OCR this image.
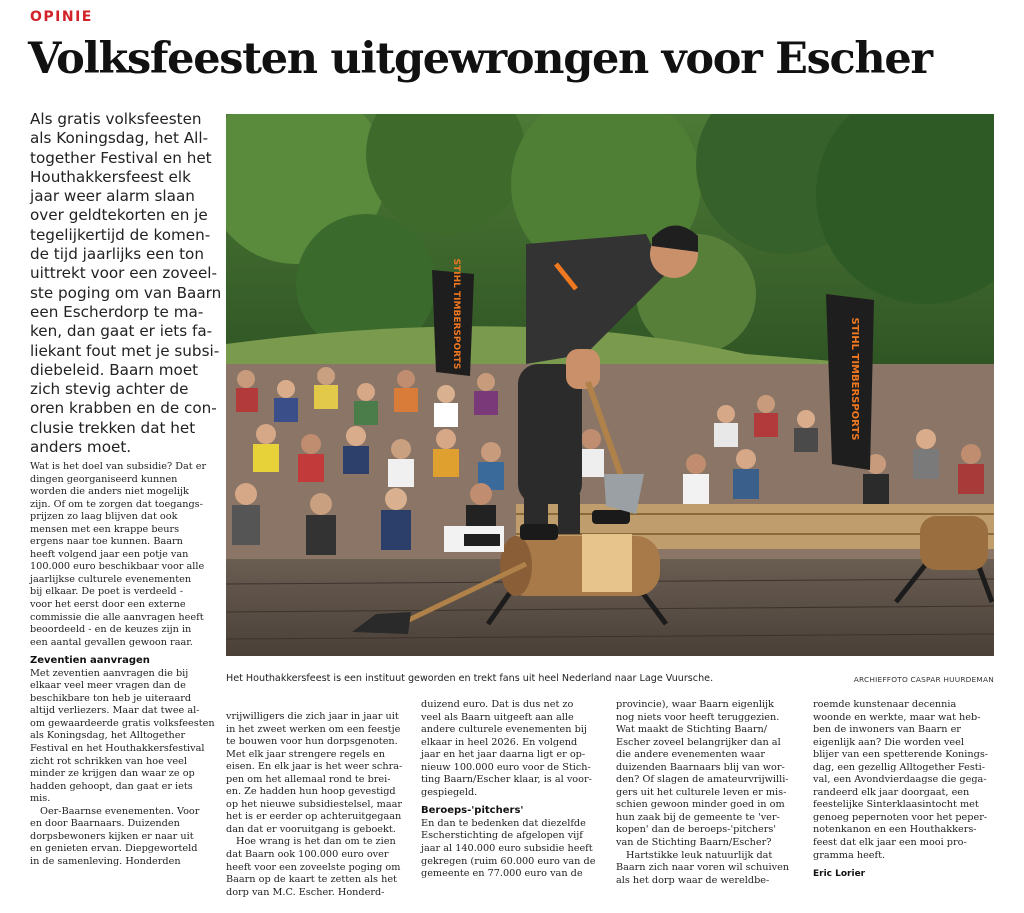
OPINIE
Volksfeesten uitgewrongen voor Escher

Als gratis volksfeesten
als Koningsdag, het All-
together Festival en het
Houthakkersfeest elk
jaar weer alarm slaan
over geldtekorten en je
tegelijkertijd de komen-
de tijd jaarlijks een ton
uittrekt voor een zoveel-
ste poging om van Baarn
een Escherdorp te ma-
ken, dan gaat er iets fa-
liekant fout met je subsi-
diebeleid. Baarn moet
zich stevig achter de
oren krabben en de con-
clusie trekken dat het
anders moet.

STIHL TIMBERSPORTS
STIHL TIMBERSPORTS

Het Houthakkersfeest is een instituut geworden en trekt fans uit heel Nederland naar Lage Vuursche.	ARCHIEFFOTO CASPAR HUURDEMAN
Wat is het doel van subsidie? Dat er
dingen georganiseerd kunnen
worden die anders niet mogelijk
zijn. Of om te zorgen dat toegangs-
prijzen zo laag blijven dat ook
mensen met een krappe beurs
ergens naar toe kunnen. Baarn
heeft volgend jaar een potje van
100.000 euro beschikbaar voor alle
jaarlijkse culturele evenementen
bij elkaar. De poet is verdeeld -
voor het eerst door een externe
commissie die alle aanvragen heeft
beoordeeld - en de keuzes zijn in
een aantal gevallen gewoon raar.
Zeventien aanvragen
Met zeventien aanvragen die bij
elkaar veel meer vragen dan de
beschikbare ton heb je uiteraard
altijd verliezers. Maar dat twee al-
om gewaardeerde gratis volksfeesten
als Koningsdag, het Alltogether
Festival en het Houthakkersfestival
zicht rot schrikken van hoe veel
minder ze krijgen dan waar ze op
hadden gehoopt, dan gaat er iets
mis.
Oer-Baarnse evenementen. Voor
en door Baarnaars. Duizenden
dorpsbewoners kijken er naar uit
en genieten ervan. Diepgeworteld
in de samenleving. Honderden
vrijwilligers die zich jaar in jaar uit
in het zweet werken om een feestje
te bouwen voor hun dorpsgenoten.
Met elk jaar strengere regels en
eisen. En elk jaar is het weer schra-
pen om het allemaal rond te brei-
en. Ze hadden hun hoop gevestigd
op het nieuwe subsidiestelsel, maar
het is er eerder op achteruitgegaan
dan dat er vooruitgang is geboekt.
Hoe wrang is het dan om te zien
dat Baarn ook 100.000 euro over
heeft voor een zoveelste poging om
Baarn op de kaart te zetten als het
dorp van M.C. Escher. Honderd-
duizend euro. Dat is dus net zo
veel als Baarn uitgeeft aan alle
andere culturele evenementen bij
elkaar in heel 2026. En volgend
jaar en het jaar daarna ligt er op-
nieuw 100.000 euro voor de Stich-
ting Baarn/Escher klaar, is al voor-
gespiegeld.
Beroeps-'pitchers'
En dan te bedenken dat diezelfde
Escherstichting de afgelopen vijf
jaar al 140.000 euro subsidie heeft
gekregen (ruim 60.000 euro van de
gemeente en 77.000 euro van de
provincie), waar Baarn eigenlijk
nog niets voor heeft teruggezien.
Wat maakt de Stichting Baarn/
Escher zoveel belangrijker dan al
die andere evenementen waar
duizenden Baarnaars blij van wor-
den? Of slagen de amateurvrijwilli-
gers uit het culturele leven er mis-
schien gewoon minder goed in om
hun zaak bij de gemeente te 'ver-
kopen' dan de beroeps-'pitchers'
van de Stichting Baarn/Escher?
Hartstikke leuk natuurlijk dat
Baarn zich naar voren wil schuiven
als het dorp waar de wereldbe-
roemde kunstenaar decennia
woonde en werkte, maar wat heb-
ben de inwoners van Baarn er
eigenlijk aan? Die worden veel
blijer van een spetterende Konings-
dag, een gezellig Alltogether Festi-
val, een Avondvierdaagse die gega-
randeerd elk jaar doorgaat, een
feestelijke Sinterklaasintocht met
genoeg pepernoten voor het peper-
notenkanon en een Houthakkers-
feest dat elk jaar een mooi pro-
gramma heeft.
Eric Lorier
